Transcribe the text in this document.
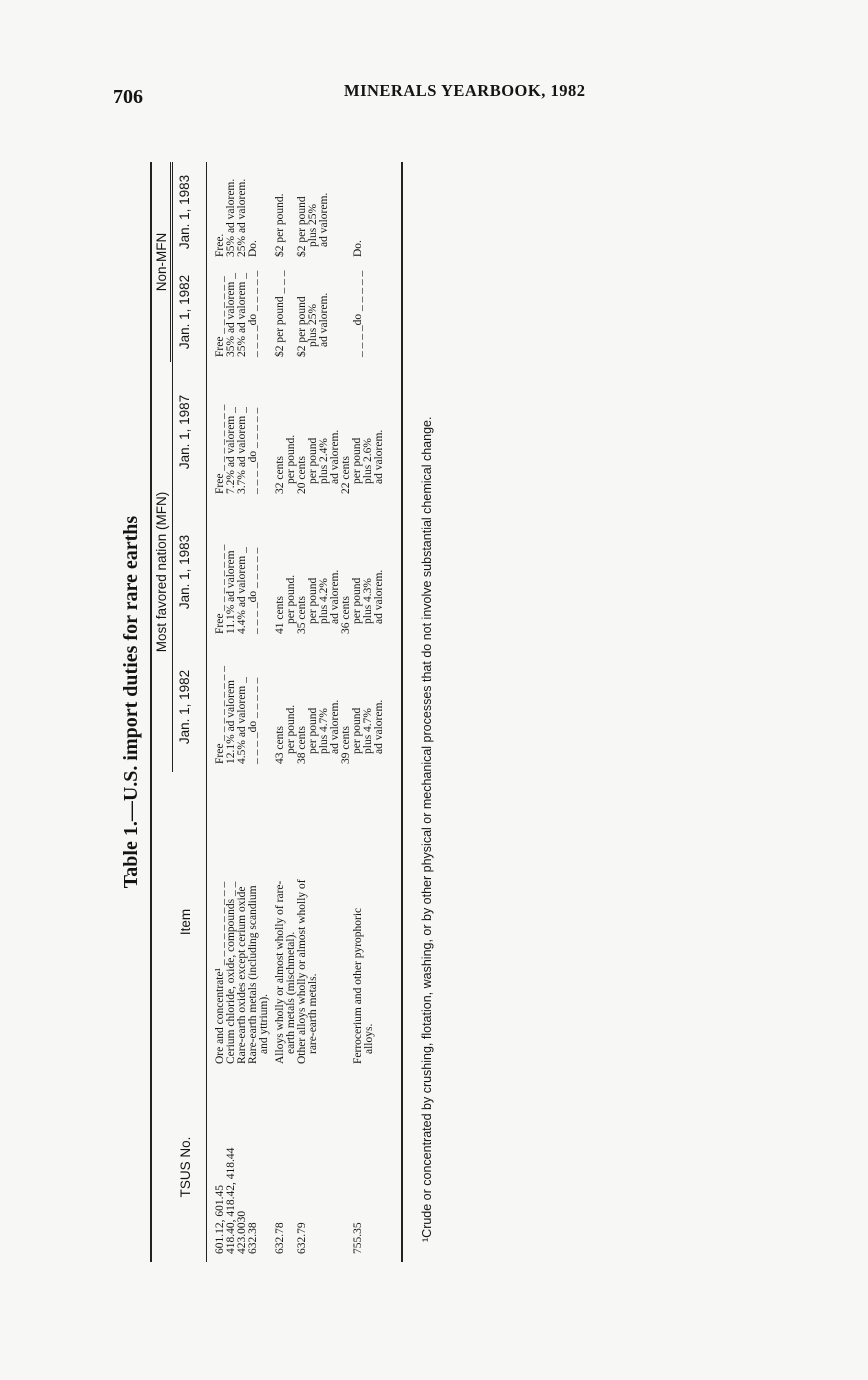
706	MINERALS YEARBOOK, 1982
Table 1.—U.S. import duties for rare earths
TSUS No.
Item
Most favored nation (MFN)
Non-MFN
Jan. 1, 1982
Jan. 1, 1983
Jan. 1, 1987
Jan. 1, 1982
Jan. 1, 1983
601.12, 601.45
Ore and concentrate¹ _ _ _ _ _ _ _ _ _ _
Free _ _ _ _ _ _ _ _ _
Free _ _ _ _ _ _ _ _
Free _ _ _ _ _ _ _ _
Free _ _ _ _ _ _ _
Free.
418.40, 418.42, 418.44
Cerium chloride, oxide, compounds _ _
12.1% ad valorem
11.1% ad valorem
7.2% ad valorem _
35% ad valorem _
35% ad valorem.
423.0030
Rare-earth oxides except cerium oxide
4.5% ad valorem _
4.4% ad valorem _
3.7% ad valorem _
25% ad valorem _
25% ad valorem.
632.38
Rare-earth metals (including scandium and yttrium).
_ _ _ _do _ _ _ _ _
_ _ _ _do _ _ _ _ _
_ _ _ _do _ _ _ _ _
_ _ _ _do _ _ _ _ _
Do.
632.78
Alloys wholly or almost wholly of rare- earth metals (mischmetal).
43 cents per pound.
41 cents per pound.
32 cents per pound.
$2 per pound _ _ _
$2 per pound.
632.79
Other alloys wholly or almost wholly of rare-earth metals.
38 cents per pound plus 4.7% ad valorem.
35 cents per pound plus 4.2% ad valorem.
20 cents per pound plus 2.4% ad valorem.
$2 per pound plus 25% ad valorem.
$2 per pound plus 25% ad valorem.
755.35
Ferrocerium and other pyrophoric alloys.
39 cents per pound plus 4.7% ad valorem.
36 cents per pound plus 4.3% ad valorem.
22 cents per pound plus 2.6% ad valorem.
_ _ _ _do _ _ _ _ _
Do.
¹Crude or concentrated by crushing, flotation, washing, or by other physical or mechanical processes that do not involve substantial chemical change.
